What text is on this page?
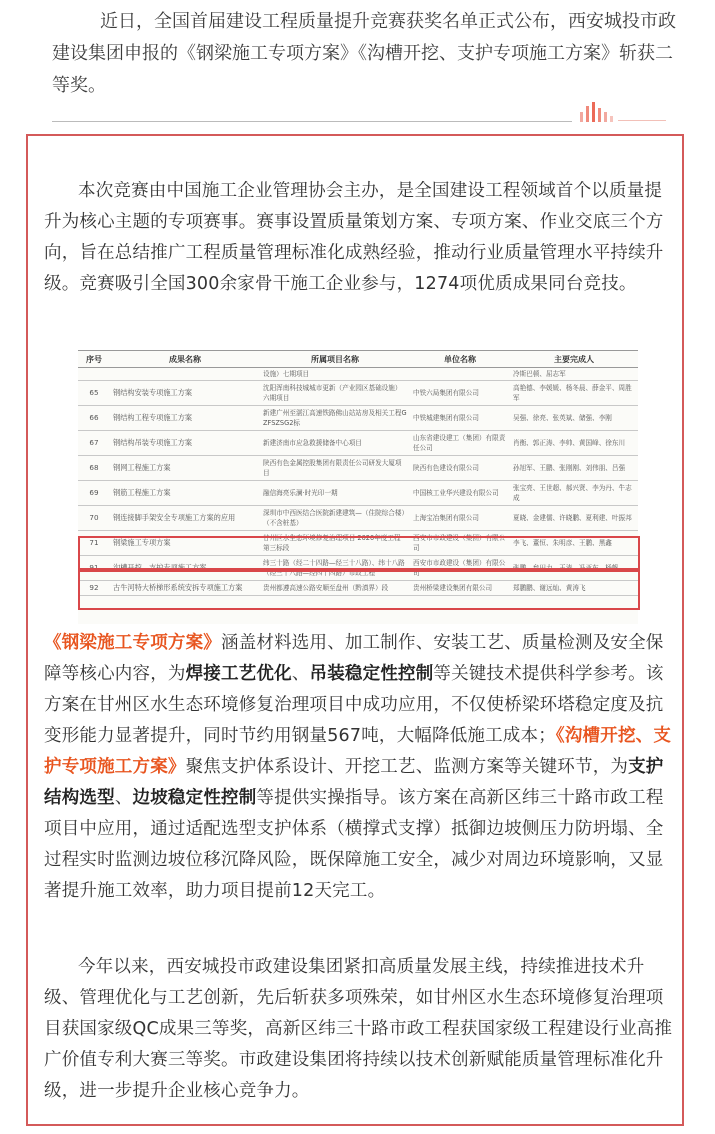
近日，全国首届建设工程质量提升竞赛获奖名单正式公布，西安城投市政建设集团申报的《钢梁施工专项方案》《沟槽开挖、支护专项施工方案》斩获二等奖。

本次竞赛由中国施工企业管理协会主办，是全国建设工程领域首个以质量提升为核心主题的专项赛事。赛事设置质量策划方案、专项方案、作业交底三个方向，旨在总结推广工程质量管理标准化成熟经验，推动行业质量管理水平持续升级。竞赛吸引全国300余家骨干施工企业参与，1274项优质成果同台竞技。

序号	成果名称	所属项目名称	单位名称	主要完成人
		设施）七期项目		冷斯巴顿、屈志军
65	钢结构安装专项施工方案	沈阳浑南科技城城市更新（产业园区基础设施）六期项目	中铁六局集团有限公司	高艳德、李媛媛、杨冬晨、薛金平、周胜军
66	钢结构工程专项施工方案	新建广州至湛江高速铁路佛山站站房及相关工程GZFSZSG2标	中铁城建集团有限公司	吴强、徐亮、张英斌、储强、李刚
67	钢结构吊装专项施工方案	新建济南市应急救援储备中心项目	山东省建设建工（集团）有限责任公司	肖衡、郭正涛、李帅、黄国峰、徐东川
68	钢网工程施工方案	陕西有色金属控股集团有限责任公司研发大厦项目	陕西有色建设有限公司	孙旭军、王鹏、张刚刚、刘伟朋、吕强
69	钢筋工程施工方案	融信海亮乐澜·时光印一期	中国核工业华兴建设有限公司	张宝亮、王世超、郝兴贤、李为丹、牛志成
70	钢连接脚手架安全专项施工方案的应用	深圳市中西医结合医院新建建筑—（住院综合楼）（不含桩基）	上海宝冶集团有限公司	夏晓、金建儒、许晓鹏、夏利建、叶振邦
71	钢梁施工专项方案	甘州区水生态环境修复治理项目 2020年度工程第三标段	西安市市政建设（集团）有限公司	李飞、董恒、朱明彦、王鹏、黑鑫
91	沟槽开挖、支护专项施工方案	纬三十路（经二十四路—经三十八路）、纬十八路（经三十八路—经四十四路）市政工程	西安市市政建设（集团）有限公司	张鹏、贠田力、王涛、冯亚东、杨帆
92	古牛河特大桥梯形系统安拆专项施工方案	贵州都遵高速公路安顺至盘州（黔滇界）段	贵州桥梁建设集团有限公司	郑鹏鹏、谢远灿、黄涛飞

《钢梁施工专项方案》涵盖材料选用、加工制作、安装工艺、质量检测及安全保障等核心内容，为焊接工艺优化、吊装稳定性控制等关键技术提供科学参考。该方案在甘州区水生态环境修复治理项目中成功应用，不仅使桥梁环塔稳定度及抗变形能力显著提升，同时节约用钢量567吨，大幅降低施工成本；《沟槽开挖、支护专项施工方案》聚焦支护体系设计、开挖工艺、监测方案等关键环节，为支护结构选型、边坡稳定性控制等提供实操指导。该方案在高新区纬三十路市政工程项目中应用，通过适配选型支护体系（横撑式支撑）抵御边坡侧压力防坍塌、全过程实时监测边坡位移沉降风险，既保障施工安全，减少对周边环境影响，又显著提升施工效率，助力项目提前12天完工。

今年以来，西安城投市政建设集团紧扣高质量发展主线，持续推进技术升级、管理优化与工艺创新，先后斩获多项殊荣，如甘州区水生态环境修复治理项目获国家级QC成果三等奖，高新区纬三十路市政工程获国家级工程建设行业高推广价值专利大赛三等奖。市政建设集团将持续以技术创新赋能质量管理标准化升级，进一步提升企业核心竞争力。
